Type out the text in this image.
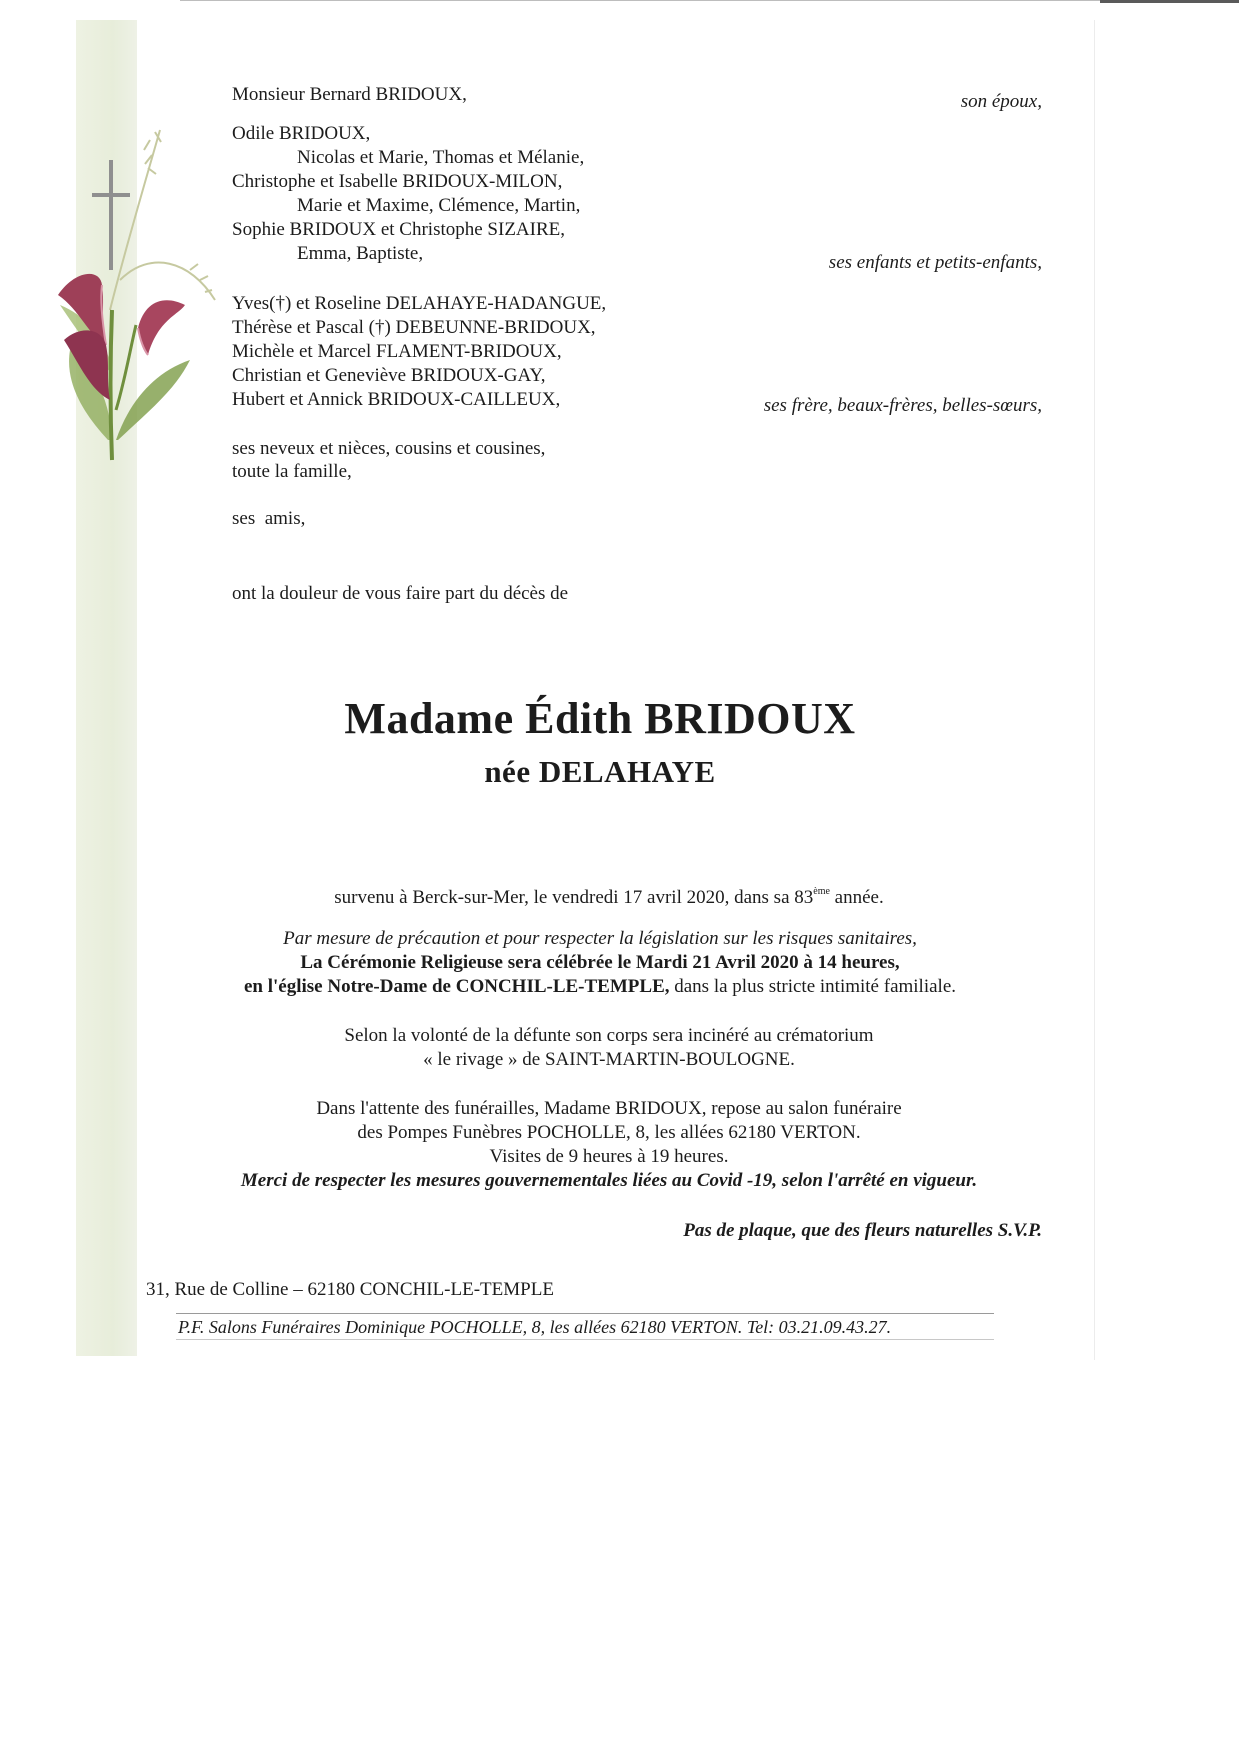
Monsieur Bernard BRIDOUX,	son époux,
Odile BRIDOUX,
Nicolas et Marie, Thomas et Mélanie,
Christophe et Isabelle BRIDOUX-MILON,
Marie et Maxime, Clémence, Martin,
Sophie BRIDOUX et Christophe SIZAIRE,
Emma, Baptiste,	ses enfants et petits-enfants,
Yves(†) et Roseline DELAHAYE-HADANGUE,
Thérèse et Pascal (†) DEBEUNNE-BRIDOUX,
Michèle et Marcel FLAMENT-BRIDOUX,
Christian et Geneviève BRIDOUX-GAY,
Hubert et Annick BRIDOUX-CAILLEUX,	ses frère, beaux-frères, belles-sœurs,
ses neveux et nièces, cousins et cousines,
toute la famille,
ses  amis,
ont la douleur de vous faire part du décès de
Madame Édith BRIDOUX
née DELAHAYE
survenu à Berck-sur-Mer, le vendredi 17 avril 2020, dans sa 83ème année.
Par mesure de précaution et pour respecter la législation sur les risques sanitaires,
La Cérémonie Religieuse sera célébrée le Mardi 21 Avril 2020 à 14 heures,
en l'église Notre-Dame de CONCHIL-LE-TEMPLE, dans la plus stricte intimité familiale.
Selon la volonté de la défunte son corps sera incinéré au crématorium
« le rivage » de SAINT-MARTIN-BOULOGNE.
Dans l'attente des funérailles, Madame BRIDOUX, repose au salon funéraire
des Pompes Funèbres POCHOLLE, 8, les allées 62180 VERTON.
Visites de 9 heures à 19 heures.
Merci de respecter les mesures gouvernementales liées au Covid -19, selon l'arrêté en vigueur.
Pas de plaque, que des fleurs naturelles S.V.P.
31, Rue de Colline – 62180 CONCHIL-LE-TEMPLE
P.F. Salons Funéraires Dominique POCHOLLE, 8, les allées 62180 VERTON. Tel: 03.21.09.43.27.
